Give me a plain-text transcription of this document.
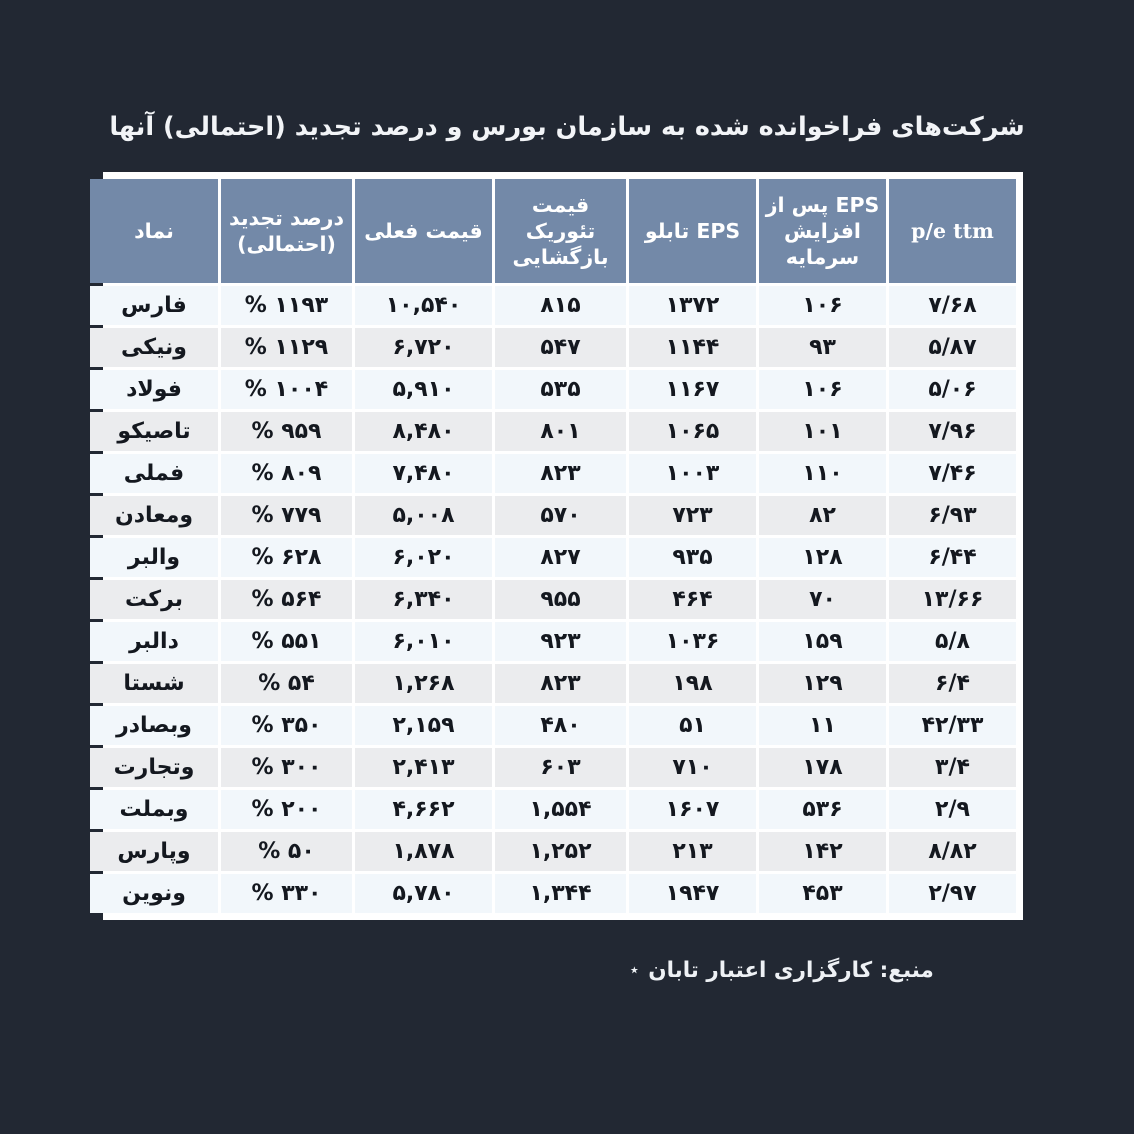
شرکت‌های فراخوانده شده به سازمان بورس و درصد تجدید (احتمالی) آنها
p/e ttm	EPS پس از افزایش سرمایه	EPS تابلو	قیمت تئوریک بازگشایی	قیمت فعلی	درصد تجدید (احتمالی)	نماد
۷/۶۸	۱۰۶	۱۳۷۲	۸۱۵	۱۰,۵۴۰	۱۱۹۳ %	فارس
۵/۸۷	۹۳	۱۱۴۴	۵۴۷	۶,۷۲۰	۱۱۲۹ %	ونیکی
۵/۰۶	۱۰۶	۱۱۶۷	۵۳۵	۵,۹۱۰	۱۰۰۴ %	فولاد
۷/۹۶	۱۰۱	۱۰۶۵	۸۰۱	۸,۴۸۰	۹۵۹ %	تاصیکو
۷/۴۶	۱۱۰	۱۰۰۳	۸۲۳	۷,۴۸۰	۸۰۹ %	فملی
۶/۹۳	۸۲	۷۲۳	۵۷۰	۵,۰۰۸	۷۷۹ %	ومعادن
۶/۴۴	۱۲۸	۹۳۵	۸۲۷	۶,۰۲۰	۶۲۸ %	والبر
۱۳/۶۶	۷۰	۴۶۴	۹۵۵	۶,۳۴۰	۵۶۴ %	برکت
۵/۸	۱۵۹	۱۰۳۶	۹۲۳	۶,۰۱۰	۵۵۱ %	دالبر
۶/۴	۱۲۹	۱۹۸	۸۲۳	۱,۲۶۸	۵۴ %	شستا
۴۲/۳۳	۱۱	۵۱	۴۸۰	۲,۱۵۹	۳۵۰ %	وبصادر
۳/۴	۱۷۸	۷۱۰	۶۰۳	۲,۴۱۳	۳۰۰ %	وتجارت
۲/۹	۵۳۶	۱۶۰۷	۱,۵۵۴	۴,۶۶۲	۲۰۰ %	وبملت
۸/۸۲	۱۴۲	۲۱۳	۱,۲۵۲	۱,۸۷۸	۵۰ %	وپارس
۲/۹۷	۴۵۳	۱۹۴۷	۱,۳۴۴	۵,۷۸۰	۳۳۰ %	ونوین
منبع: کارگزاری اعتبار تابان ٭
